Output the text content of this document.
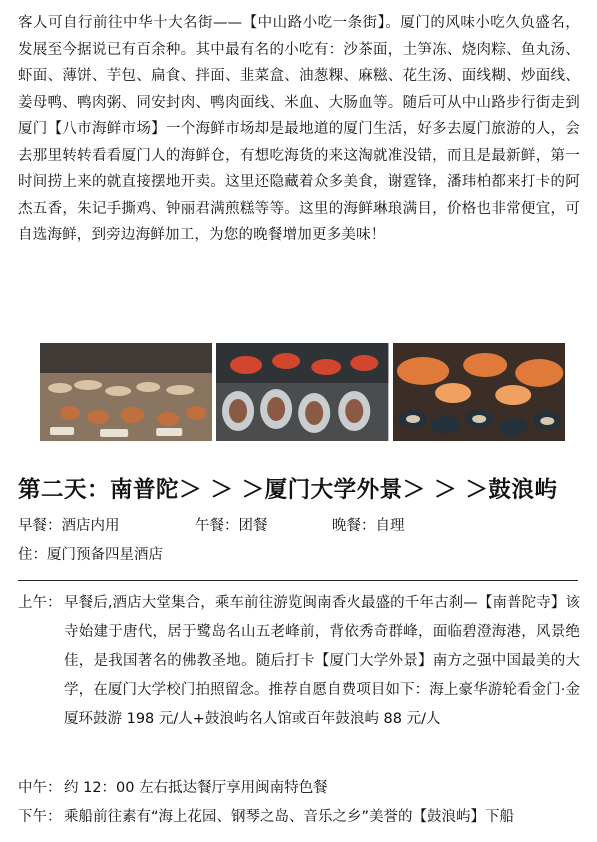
客人可自行前往中华十大名街——【中山路小吃一条街】。厦门的风味小吃久负盛名，发展至今据说已有百余种。其中最有名的小吃有：沙茶面，土笋冻、烧肉粽、鱼丸汤、虾面、薄饼、芋包、扁食、拌面、韭菜盒、油葱粿、麻糍、花生汤、面线糊、炒面线、姜母鸭、鸭肉粥、同安封肉、鸭肉面线、米血、大肠血等。随后可从中山路步行街走到厦门【八市海鲜市场】一个海鲜市场却是最地道的厦门生活，好多去厦门旅游的人，会去那里转转看看厦门人的海鲜仓，有想吃海货的来这淘就准没错，而且是最新鲜，第一时间捞上来的就直接摆地开卖。这里还隐藏着众多美食，谢霆锋，潘玮柏都来打卡的阿杰五香，朱记手撕鸡、钟丽君满煎糕等等。这里的海鲜琳琅满目，价格也非常便宜，可自选海鲜，到旁边海鲜加工，为您的晚餐增加更多美味！
第二天：南普陀＞ ＞ ＞厦门大学外景＞ ＞ ＞鼓浪屿
早餐：酒店内用	午餐：团餐	晚餐：自理
住：厦门预备四星酒店
上午： 早餐后,酒店大堂集合，乘车前往游览闽南香火最盛的千年古刹—【南普陀寺】该寺始建于唐代，居于鹭岛名山五老峰前，背依秀奇群峰，面临碧澄海港，风景绝佳，是我国著名的佛教圣地。随后打卡【厦门大学外景】南方之强中国最美的大学，在厦门大学校门拍照留念。推荐自愿自费项目如下：海上豪华游轮看金门·金厦环鼓游 198 元/人+鼓浪屿名人馆或百年鼓浪屿 88 元/人
中午： 约 12：00 左右抵达餐厅享用闽南特色餐
下午： 乘船前往素有“海上花园、钢琴之岛、音乐之乡”美誉的【鼓浪屿】下船
